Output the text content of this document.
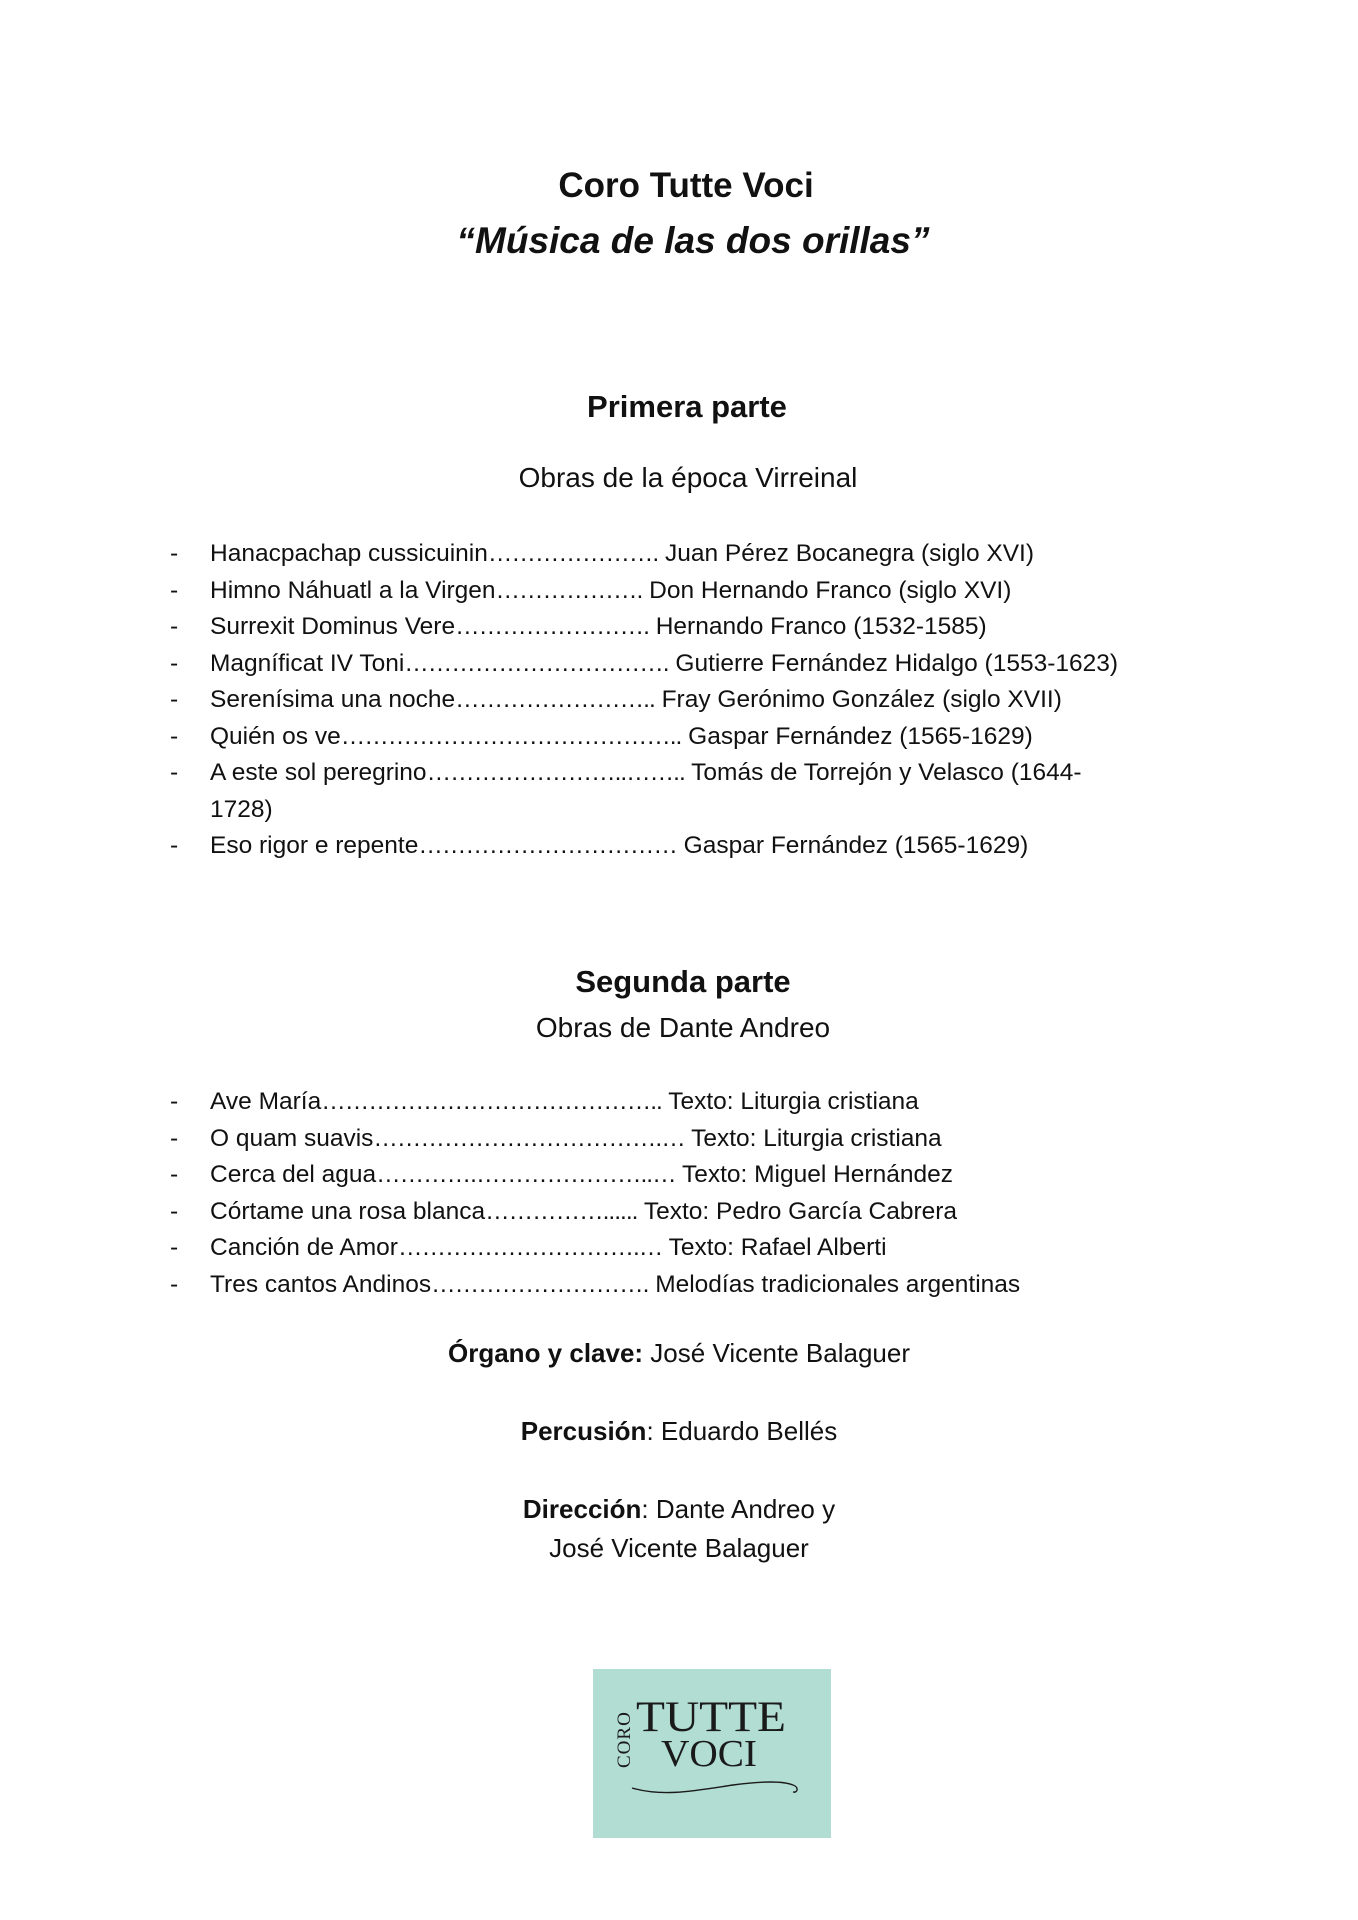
Coro Tutte Voci
“Música de las dos orillas”
Primera parte
Obras de la época Virreinal
- Hanacpachap cussicuinin…………………. Juan Pérez Bocanegra (siglo XVI)
- Himno Náhuatl a la Virgen………………. Don Hernando Franco (siglo XVI)
- Surrexit Dominus Vere……………………. Hernando Franco (1532-1585)
- Magníficat IV Toni……………………………. Gutierre Fernández Hidalgo (1553-1623)
- Serenísima una noche…………………….. Fray Gerónimo González (siglo XVII)
- Quién os ve…………………………………….. Gaspar Fernández (1565-1629)
- A este sol peregrino……………………..…….. Tomás de Torrejón y Velasco (1644-1728)
- Eso rigor e repente…………………………… Gaspar Fernández (1565-1629)
Segunda parte
Obras de Dante Andreo
- Ave María…………………………………….. Texto: Liturgia cristiana
- O quam suavis……………………………….… Texto: Liturgia cristiana
- Cerca del agua………….…………………..… Texto: Miguel Hernández
- Córtame una rosa blanca……………...... Texto: Pedro García Cabrera
- Canción de Amor………………………….… Texto: Rafael Alberti
- Tres cantos Andinos………………………. Melodías tradicionales argentinas
Órgano y clave: José Vicente Balaguer
Percusión: Eduardo Bellés
Dirección: Dante Andreo y
José Vicente Balaguer
CORO TUTTE
VOCI
